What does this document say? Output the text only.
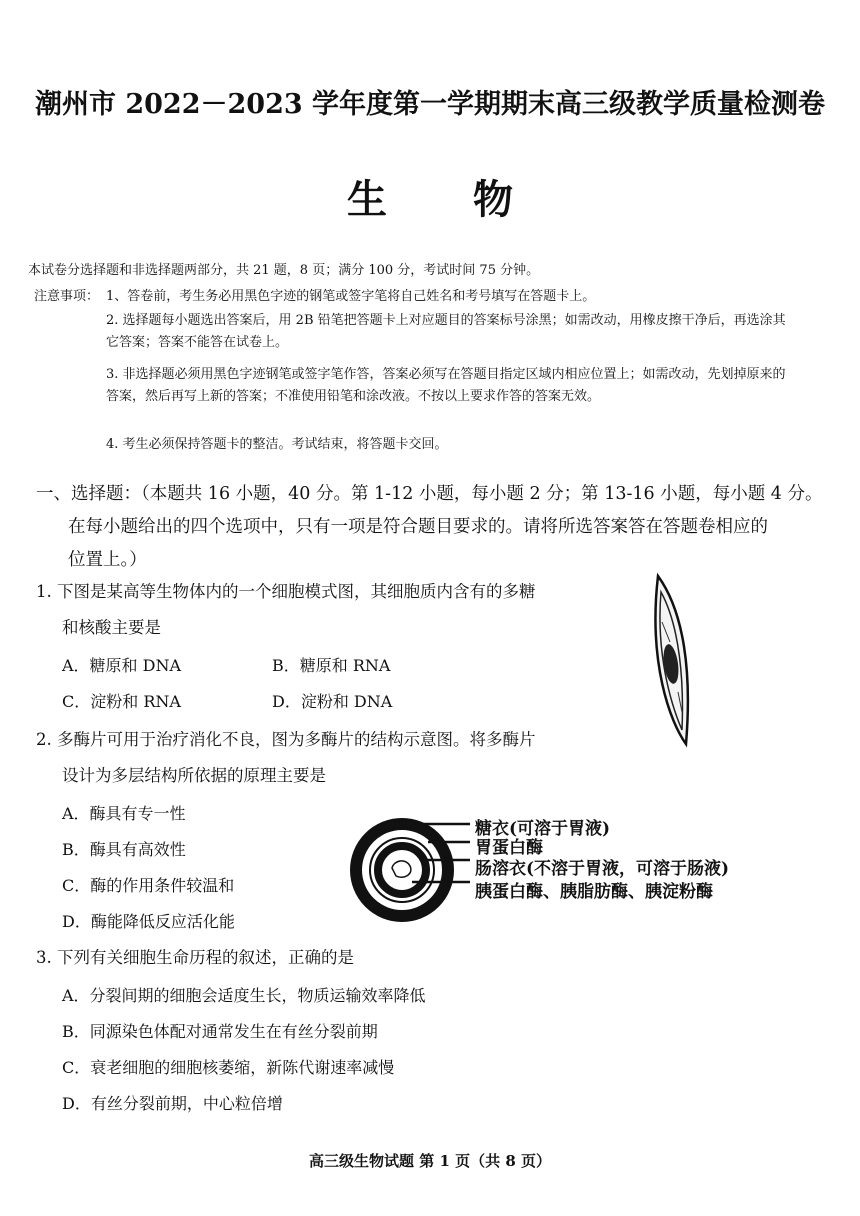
潮州市 2022－2023 学年度第一学期期末高三级教学质量检测卷
生 物
本试卷分选择题和非选择题两部分，共 21 题，8 页；满分 100 分，考试时间 75 分钟。
注意事项： 1、答卷前，考生务必用黑色字迹的钢笔或签字笔将自己姓名和考号填写在答题卡上。
2. 选择题每小题选出答案后，用 2B 铅笔把答题卡上对应题目的答案标号涂黑；如需改动，用橡皮擦干净后，再选涂其它答案；答案不能答在试卷上。
3. 非选择题必须用黑色字迹钢笔或签字笔作答，答案必须写在答题目指定区域内相应位置上；如需改动，先划掉原来的答案，然后再写上新的答案；不准使用铅笔和涂改液。不按以上要求作答的答案无效。
4. 考生必须保持答题卡的整洁。考试结束，将答题卡交回。
一、选择题：（本题共 16 小题，40 分。第 1-12 小题，每小题 2 分；第 13-16 小题，每小题 4 分。
在每小题给出的四个选项中，只有一项是符合题目要求的。请将所选答案答在答题卷相应的
位置上。）
1. 下图是某高等生物体内的一个细胞模式图，其细胞质内含有的多糖
和核酸主要是
A．糖原和 DNA	B．糖原和 RNA
C．淀粉和 RNA	D．淀粉和 DNA
2. 多酶片可用于治疗消化不良，图为多酶片的结构示意图。将多酶片
设计为多层结构所依据的原理主要是
A．酶具有专一性
B．酶具有高效性
C．酶的作用条件较温和
D．酶能降低反应活化能
糖衣(可溶于胃液)
胃蛋白酶
肠溶衣(不溶于胃液，可溶于肠液)
胰蛋白酶、胰脂肪酶、胰淀粉酶
3. 下列有关细胞生命历程的叙述，正确的是
A．分裂间期的细胞会适度生长，物质运输效率降低
B．同源染色体配对通常发生在有丝分裂前期
C．衰老细胞的细胞核萎缩，新陈代谢速率减慢
D．有丝分裂前期，中心粒倍增
高三级生物试题 第 1 页（共 8 页）
